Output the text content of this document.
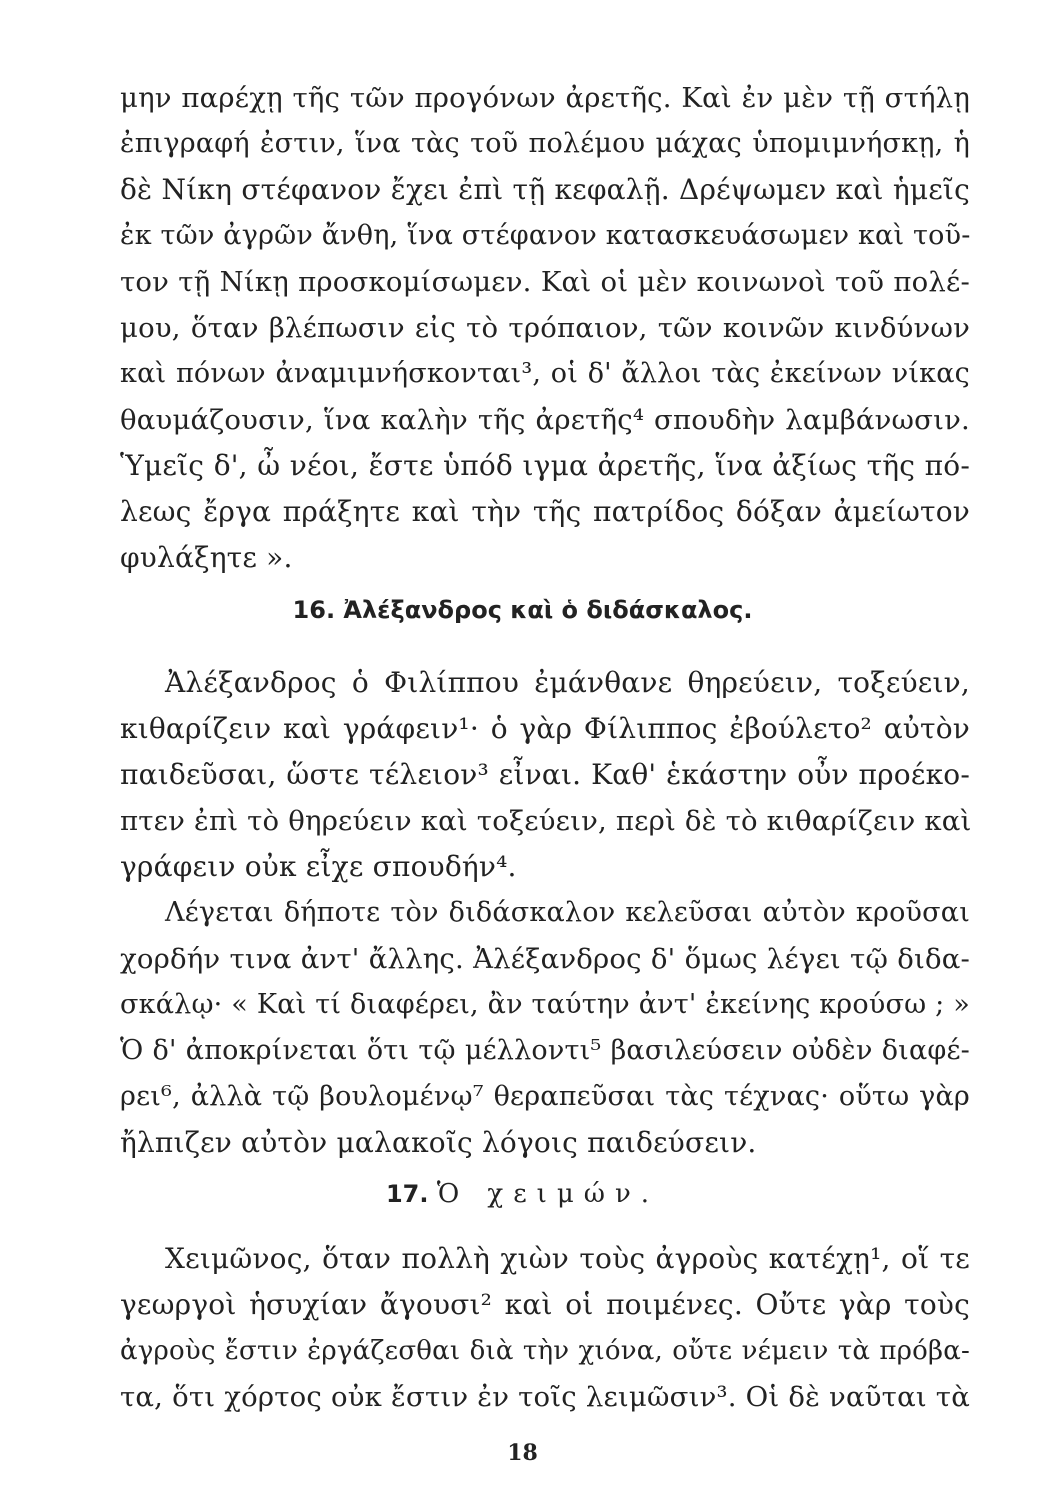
μην παρέχῃ τῆς τῶν προγόνων ἀρετῆς. Καὶ ἐν μὲν τῇ στήλῃ
ἐπιγραφή ἐστιν, ἵνα τὰς τοῦ πολέμου μάχας ὑπομιμνήσκῃ, ἡ
δὲ Νίκη στέφανον ἔχει ἐπὶ τῇ κεφαλῇ. Δρέψωμεν καὶ ἡμεῖς
ἐκ τῶν ἀγρῶν ἄνθη, ἵνα στέφανον κατασκευάσωμεν καὶ τοῦ-
τον τῇ Νίκῃ προσκομίσωμεν. Καὶ οἱ μὲν κοινωνοὶ τοῦ πολέ-
μου, ὅταν βλέπωσιν εἰς τὸ τρόπαιον, τῶν κοινῶν κινδύνων
καὶ πόνων ἀναμιμνήσκονται³, οἱ δ' ἄλλοι τὰς ἐκείνων νίκας
θαυμάζουσιν, ἵνα καλὴν τῆς ἀρετῆς⁴ σπουδὴν λαμβάνωσιν.
Ὑμεῖς δ', ὦ νέοι, ἔστε ὑπόδ ιγμα ἀρετῆς, ἵνα ἀξίως τῆς πό-
λεως ἔργα πράξητε καὶ τὴν τῆς πατρίδος δόξαν ἀμείωτον
φυλάξητε ».
16. Ἀλέξανδρος καὶ ὁ διδάσκαλος.
Ἀλέξανδρος ὁ Φιλίππου ἐμάνθανε θηρεύειν, τοξεύειν,
κιθαρίζειν καὶ γράφειν¹· ὁ γὰρ Φίλιππος ἐβούλετο² αὐτὸν
παιδεῦσαι, ὥστε τέλειον³ εἶναι. Καθ' ἑκάστην οὖν προέκο-
πτεν ἐπὶ τὸ θηρεύειν καὶ τοξεύειν, περὶ δὲ τὸ κιθαρίζειν καὶ
γράφειν οὐκ εἶχε σπουδήν⁴.
Λέγεται δήποτε τὸν διδάσκαλον κελεῦσαι αὐτὸν κροῦσαι
χορδήν τινα ἀντ' ἄλλης. Ἀλέξανδρος δ' ὅμως λέγει τῷ διδα-
σκάλῳ· « Καὶ τί διαφέρει, ἂν ταύτην ἀντ' ἐκείνης κρούσω ; »
Ὁ δ' ἀποκρίνεται ὅτι τῷ μέλλοντι⁵ βασιλεύσειν οὐδὲν διαφέ-
ρει⁶, ἀλλὰ τῷ βουλομένῳ⁷ θεραπεῦσαι τὰς τέχνας· οὕτω γὰρ
ἤλπιζεν αὐτὸν μαλακοῖς λόγοις παιδεύσειν.
17. Ὁ χειμών.
Χειμῶνος, ὅταν πολλὴ χιὼν τοὺς ἀγροὺς κατέχῃ¹, οἵ τε
γεωργοὶ ἡσυχίαν ἄγουσι² καὶ οἱ ποιμένες. Οὔτε γὰρ τοὺς
ἀγροὺς ἔστιν ἐργάζεσθαι διὰ τὴν χιόνα, οὔτε νέμειν τὰ πρόβα-
τα, ὅτι χόρτος οὐκ ἔστιν ἐν τοῖς λειμῶσιν³. Οἱ δὲ ναῦται τὰ
18
